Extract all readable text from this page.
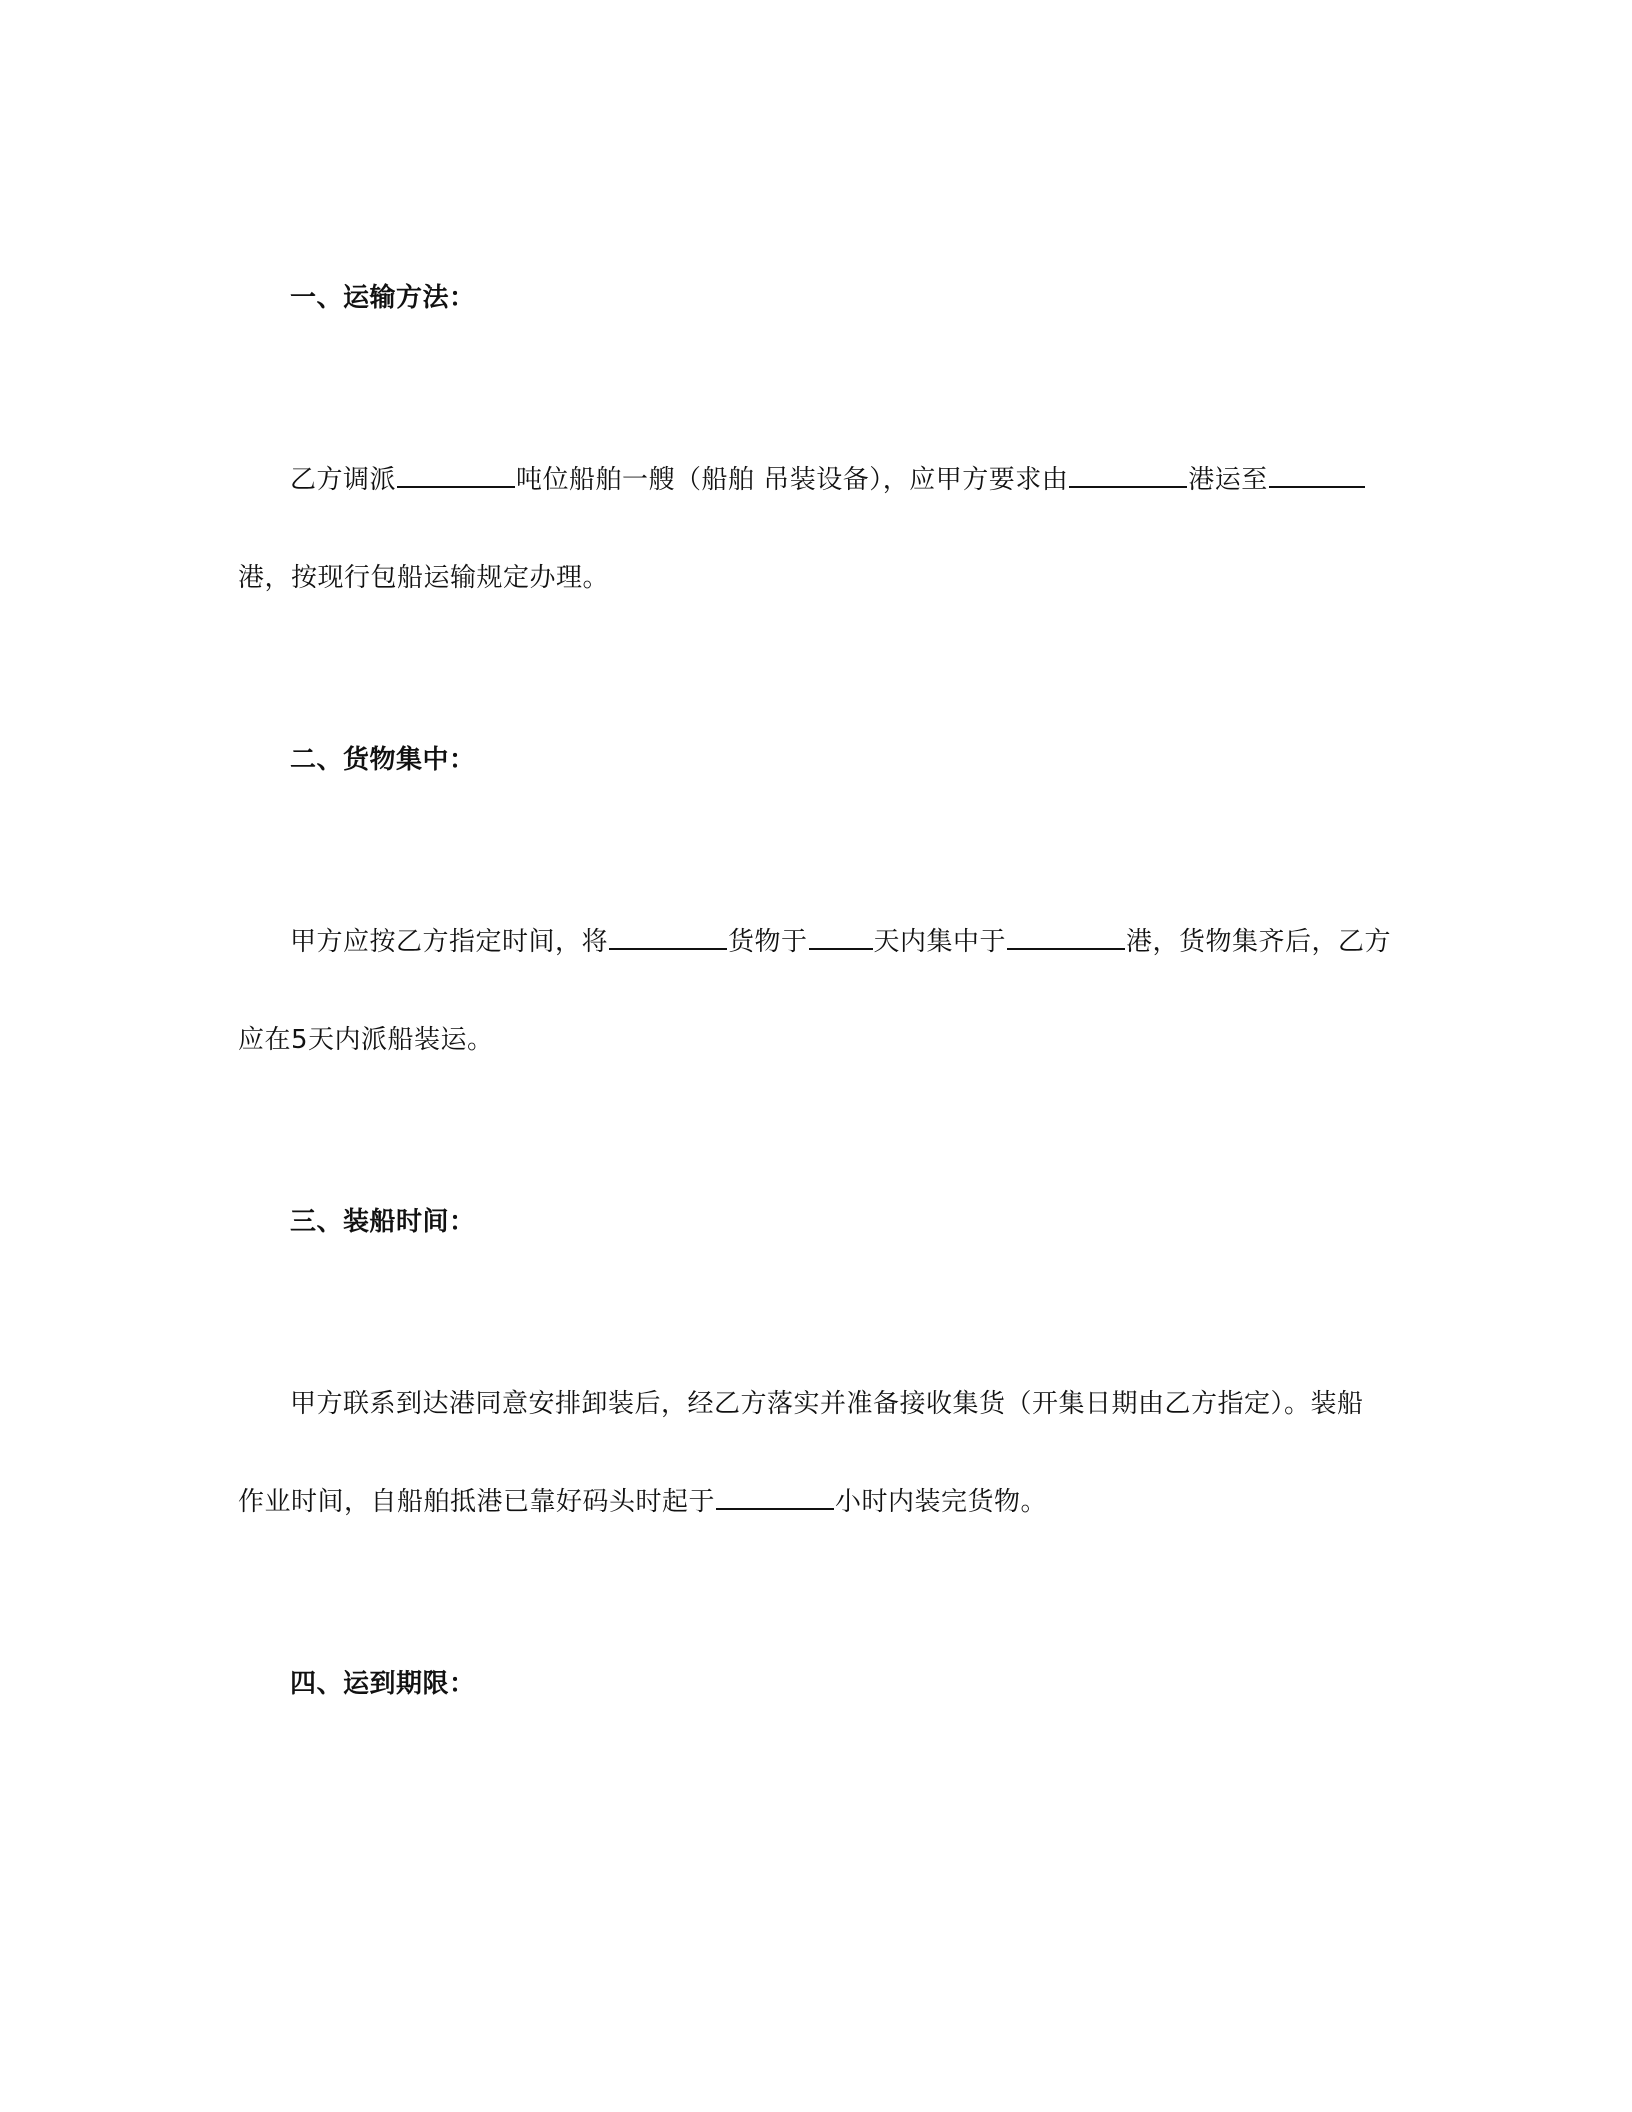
一、运输方法：

乙方调派	吨位船舶一艘（船舶 吊装设备），应甲方要求由	港运至

港，按现行包船运输规定办理。

二、货物集中：

甲方应按乙方指定时间，将	货物于	天内集中于	港，货物集齐后，乙方

应在5天内派船装运。

三、装船时间：

甲方联系到达港同意安排卸装后，经乙方落实并准备接收集货（开集日期由乙方指定）。装船

作业时间，自船舶抵港已靠好码头时起于	小时内装完货物。

四、运到期限：
